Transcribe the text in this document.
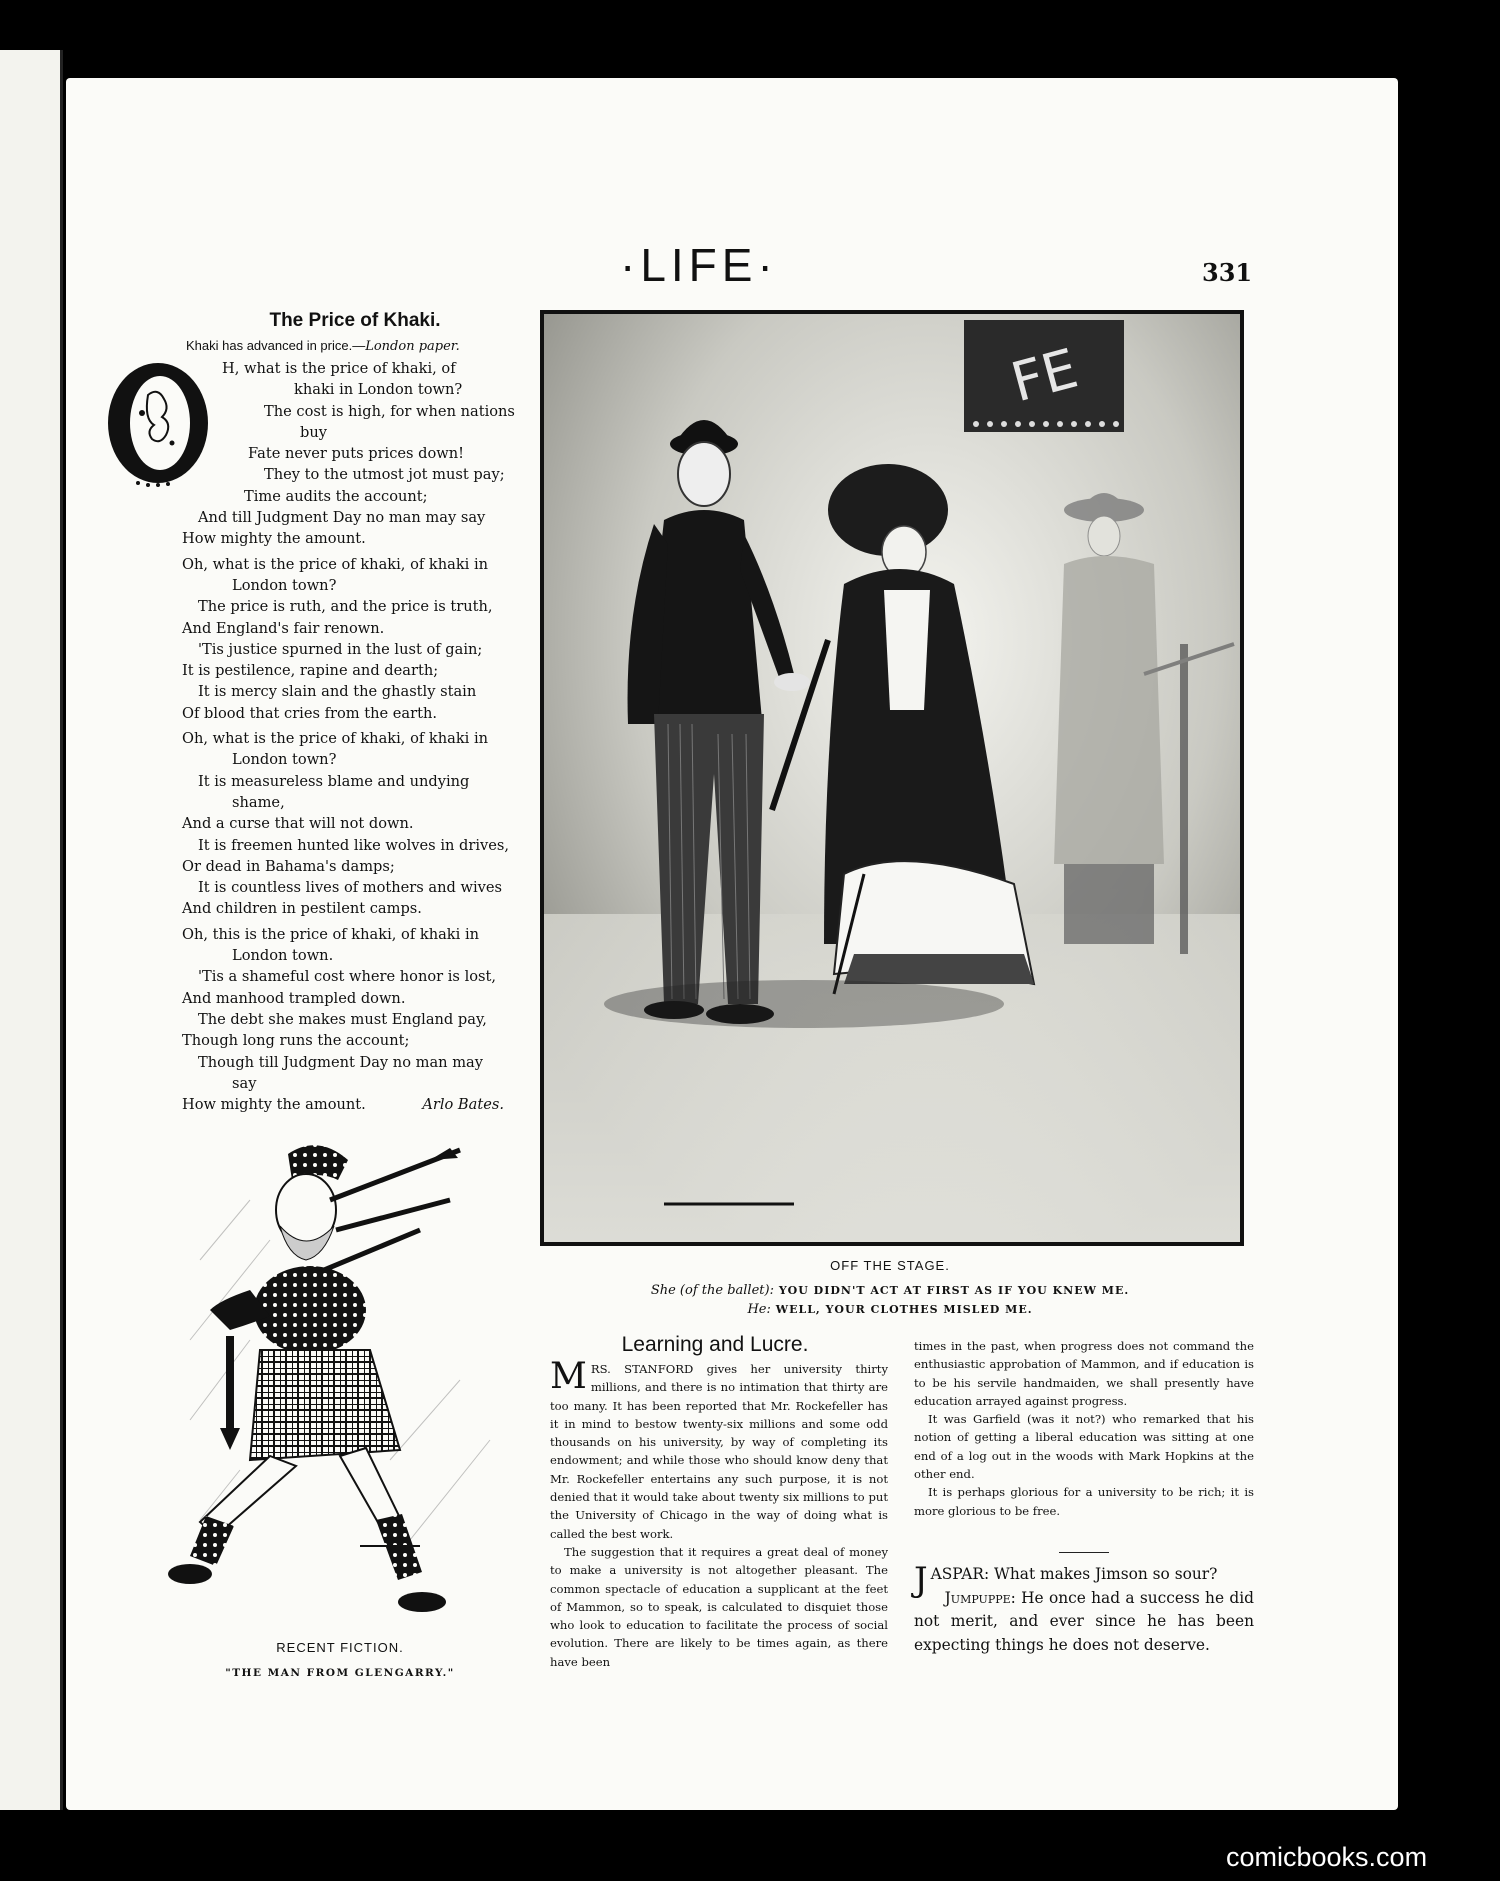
·LIFE·	331
The Price of Khaki.
Khaki has advanced in price.—London paper.
H, what is the price of khaki, of
khaki in London town?
The cost is high, for when nations
buy
Fate never puts prices down!
They to the utmost jot must pay;
Time audits the account;
And till Judgment Day no man may say
How mighty the amount.
Oh, what is the price of khaki, of khaki in
London town?
The price is ruth, and the price is truth,
And England's fair renown.
'Tis justice spurned in the lust of gain;
It is pestilence, rapine and dearth;
It is mercy slain and the ghastly stain
Of blood that cries from the earth.
Oh, what is the price of khaki, of khaki in
London town?
It is measureless blame and undying
shame,
And a curse that will not down.
It is freemen hunted like wolves in drives,
Or dead in Bahama's damps;
It is countless lives of mothers and wives
And children in pestilent camps.
Oh, this is the price of khaki, of khaki in
London town.
'Tis a shameful cost where honor is lost,
And manhood trampled down.
The debt she makes must England pay,
Though long runs the account;
Though till Judgment Day no man may
say
How mighty the amount.	Arlo Bates.
FE
OFF THE STAGE.
She (of the ballet): YOU DIDN'T ACT AT FIRST AS IF YOU KNEW ME.
He: WELL, YOUR CLOTHES MISLED ME.
RECENT FICTION.
"THE MAN FROM GLENGARRY."
Learning and Lucre.

MRS. STANFORD gives her university thirty millions, and there is no intimation that thirty are too many. It has been reported that Mr. Rockefeller has it in mind to bestow twenty-six millions and some odd thousands on his university, by way of completing its endowment; and while those who should know deny that Mr. Rockefeller entertains any such purpose, it is not denied that it would take about twenty six millions to put the University of Chicago in the way of doing what is called the best work.

The suggestion that it requires a great deal of money to make a university is not altogether pleasant. The common spectacle of education a supplicant at the feet of Mammon, so to speak, is calculated to disquiet those who look to education to facilitate the process of social evolution. There are likely to be times again, as there have been

times in the past, when progress does not command the enthusiastic approbation of Mammon, and if education is to be his servile handmaiden, we shall presently have education arrayed against progress.

It was Garfield (was it not?) who remarked that his notion of getting a liberal education was sitting at one end of a log out in the woods with Mark Hopkins at the other end.

It is perhaps glorious for a university to be rich; it is more glorious to be free.

JASPAR: What makes Jimson so sour?

Jumpuppe: He once had a success he did not merit, and ever since he has been expecting things he does not deserve.

comicbooks.com
